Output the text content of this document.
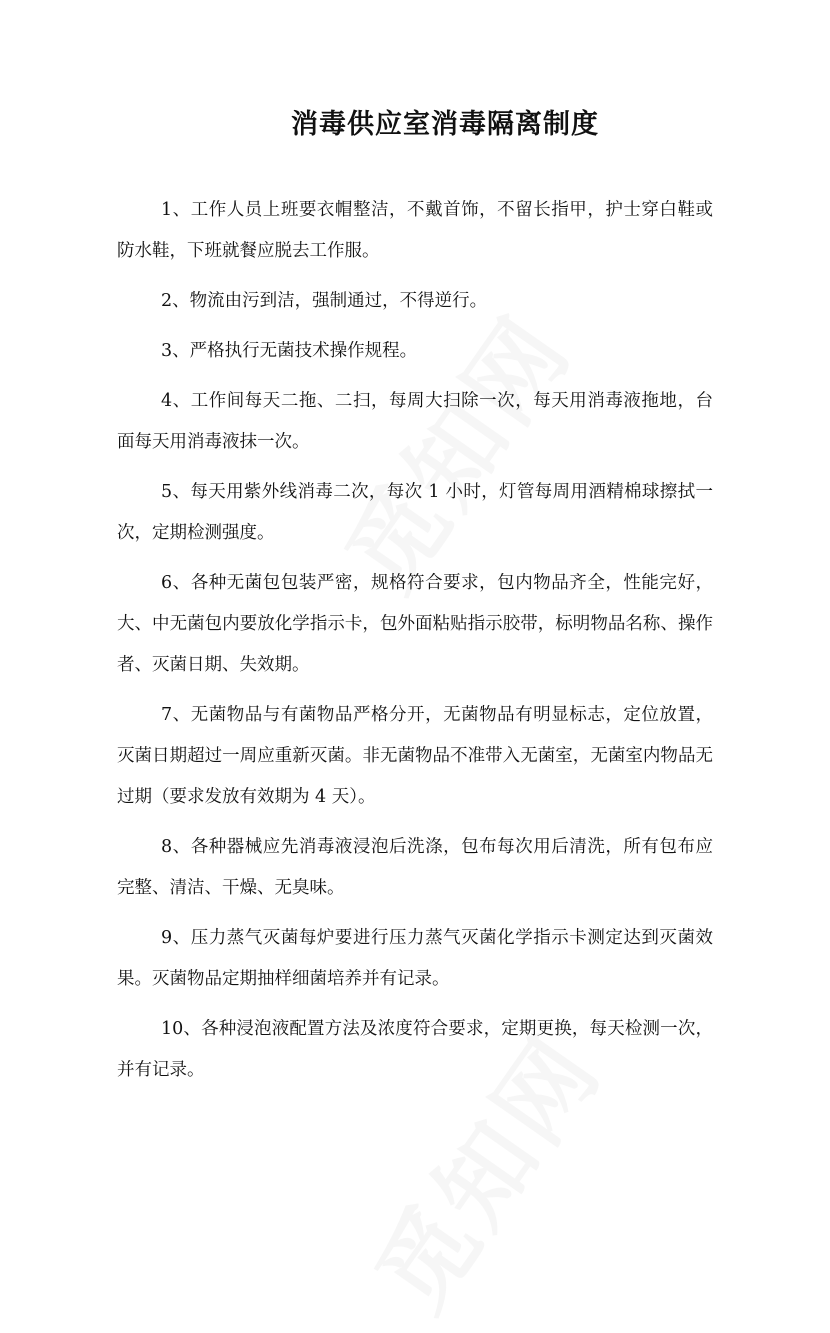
消毒供应室消毒隔离制度
1、工作人员上班要衣帽整洁，不戴首饰，不留长指甲，护士穿白鞋或防水鞋，下班就餐应脱去工作服。
2、物流由污到洁，强制通过，不得逆行。
3、严格执行无菌技术操作规程。
4、工作间每天二拖、二扫，每周大扫除一次，每天用消毒液拖地，台面每天用消毒液抹一次。
5、每天用紫外线消毒二次，每次 1 小时，灯管每周用酒精棉球擦拭一次，定期检测强度。
6、各种无菌包包装严密，规格符合要求，包内物品齐全，性能完好，大、中无菌包内要放化学指示卡，包外面粘贴指示胶带，标明物品名称、操作者、灭菌日期、失效期。
7、无菌物品与有菌物品严格分开，无菌物品有明显标志，定位放置，灭菌日期超过一周应重新灭菌。非无菌物品不准带入无菌室，无菌室内物品无过期（要求发放有效期为 4 天）。
8、各种器械应先消毒液浸泡后洗涤，包布每次用后清洗，所有包布应完整、清洁、干燥、无臭味。
9、压力蒸气灭菌每炉要进行压力蒸气灭菌化学指示卡测定达到灭菌效果。灭菌物品定期抽样细菌培养并有记录。
10、各种浸泡液配置方法及浓度符合要求，定期更换，每天检测一次，并有记录。
